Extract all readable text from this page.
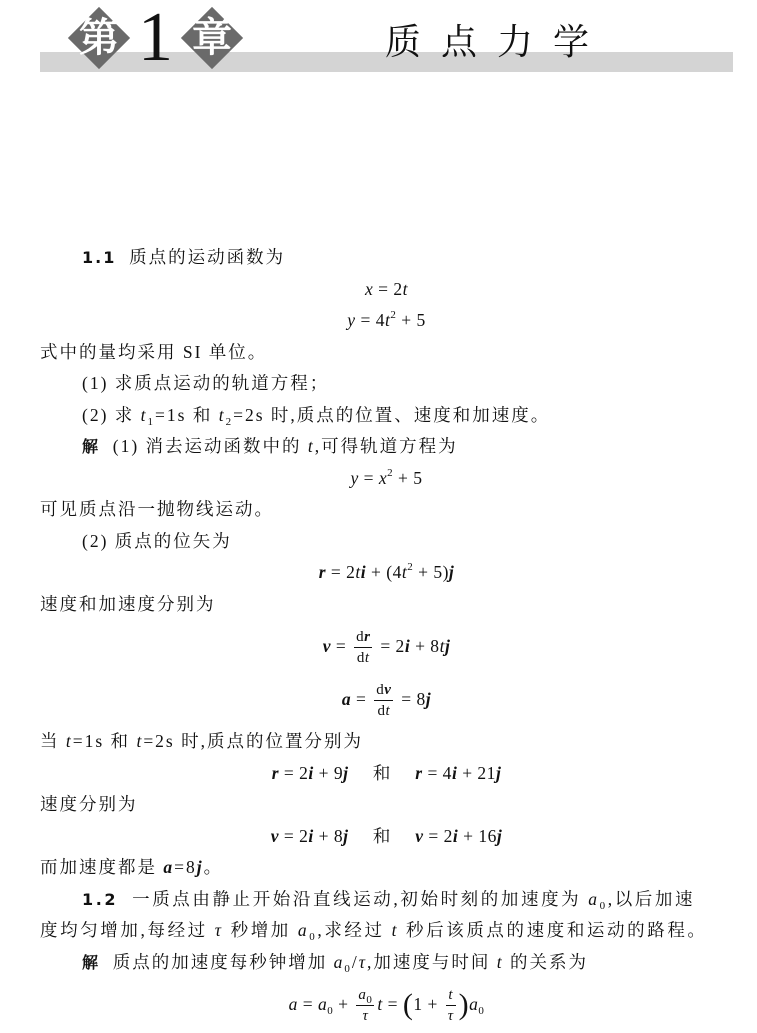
第 1 章	质点力学
1.1  质点的运动函数为
x = 2t
$y = 4t^2 + 5$
式中的量均采用 SI 单位。
(1) 求质点运动的轨道方程；
(2) 求 $t_1=1s$ 和 $t_2=2s$ 时,质点的位置、速度和加速度。
解  (1) 消去运动函数中的 t,可得轨道方程为
$y = x^2 + 5$
可见质点沿一抛物线运动。
(2) 质点的位矢为
$r = 2ti + (4t^2 + 5)j$
速度和加速度分别为
$v = \frac{dr}{dt} = 2i + 8tj$
$a = \frac{dv}{dt} = 8j$
当 t=1s 和 t=2s 时,质点的位置分别为
r = 2i + 9j     和     r = 4i + 21j
速度分别为
v = 2i + 8j     和     v = 2i + 16j
而加速度都是 a=8j。
1.2  一质点由静止开始沿直线运动,初始时刻的加速度为 $a_0$,以后加速
度均匀增加,每经过 τ 秒增加 $a_0$,求经过 t 秒后该质点的速度和运动的路程。
解  质点的加速度每秒钟增加 $a_0/\tau$,加速度与时间 t 的关系为
$a = a_0 + \frac{a_0}{\tau}$ $t = (1 + \frac{t}{\tau} )a_0$
